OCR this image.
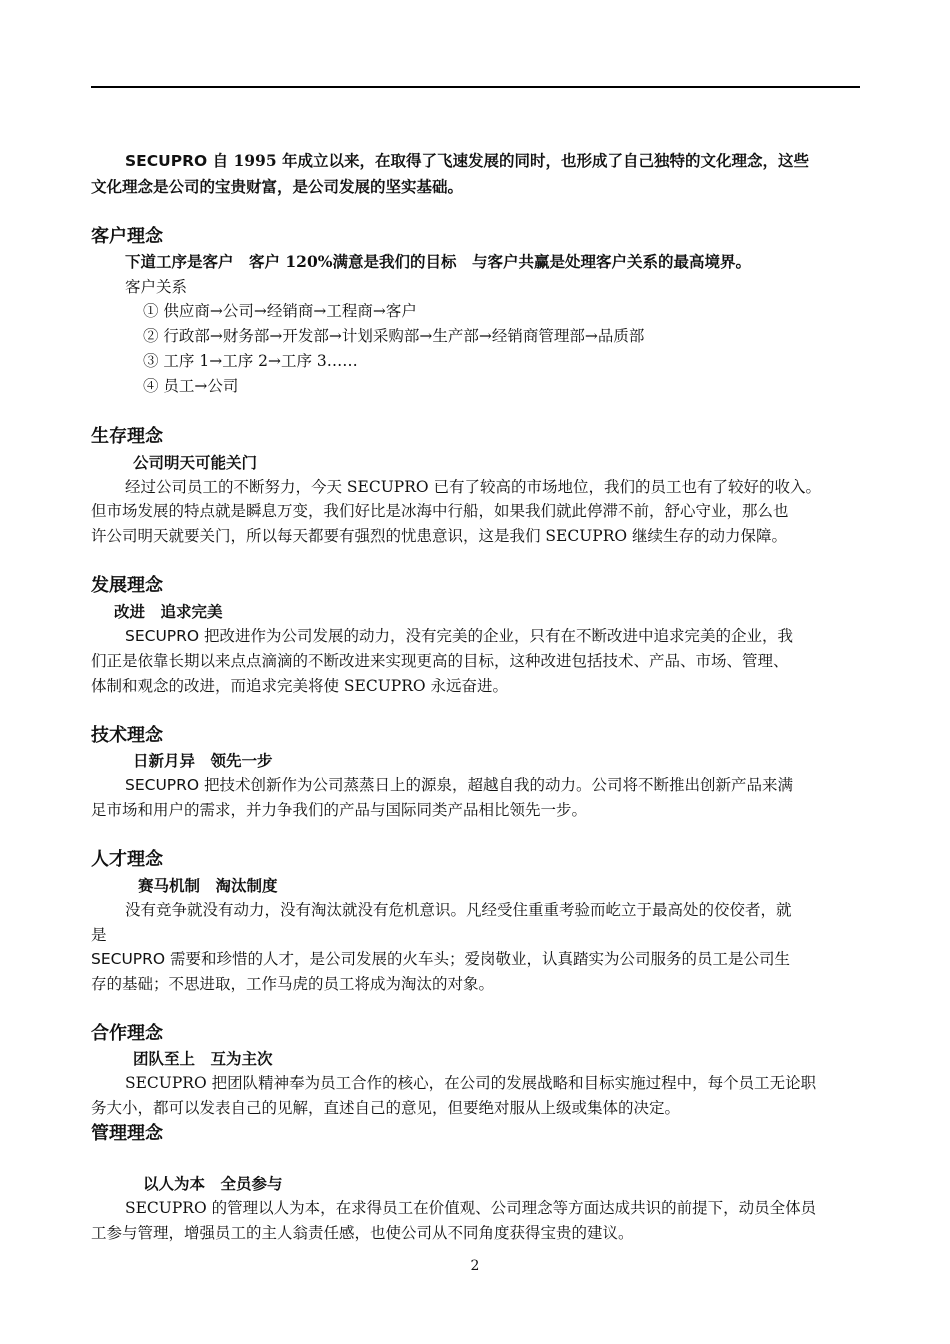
SECUPRO 自 1995 年成立以来，在取得了飞速发展的同时，也形成了自己独特的文化理念，这些
文化理念是公司的宝贵财富，是公司发展的坚实基础。
客户理念
下道工序是客户　客户 120%满意是我们的目标　与客户共赢是处理客户关系的最高境界。
客户关系
① 供应商→公司→经销商→工程商→客户
② 行政部→财务部→开发部→计划采购部→生产部→经销商管理部→品质部
③ 工序 1→工序 2→工序 3……
④ 员工→公司
生存理念
公司明天可能关门
经过公司员工的不断努力，今天 SECUPRO 已有了较高的市场地位，我们的员工也有了较好的收入。
但市场发展的特点就是瞬息万变，我们好比是冰海中行船，如果我们就此停滞不前，舒心守业，那么也
许公司明天就要关门，所以每天都要有强烈的忧患意识，这是我们 SECUPRO 继续生存的动力保障。
发展理念
改进　追求完美
SECUPRO 把改进作为公司发展的动力，没有完美的企业，只有在不断改进中追求完美的企业，我
们正是依靠长期以来点点滴滴的不断改进来实现更高的目标，这种改进包括技术、产品、市场、管理、
体制和观念的改进，而追求完美将使 SECUPRO 永远奋进。
技术理念
日新月异　领先一步
SECUPRO 把技术创新作为公司蒸蒸日上的源泉，超越自我的动力。公司将不断推出创新产品来满
足市场和用户的需求，并力争我们的产品与国际同类产品相比领先一步。
人才理念
赛马机制　淘汰制度
没有竞争就没有动力，没有淘汰就没有危机意识。凡经受住重重考验而屹立于最高处的佼佼者，就
是
SECUPRO 需要和珍惜的人才，是公司发展的火车头；爱岗敬业，认真踏实为公司服务的员工是公司生
存的基础；不思进取，工作马虎的员工将成为淘汰的对象。
合作理念
团队至上　互为主次
SECUPRO 把团队精神奉为员工合作的核心，在公司的发展战略和目标实施过程中，每个员工无论职
务大小，都可以发表自己的见解，直述自己的意见，但要绝对服从上级或集体的决定。
管理理念
以人为本　全员参与
SECUPRO 的管理以人为本，在求得员工在价值观、公司理念等方面达成共识的前提下，动员全体员
工参与管理，增强员工的主人翁责任感，也使公司从不同角度获得宝贵的建议。
2
